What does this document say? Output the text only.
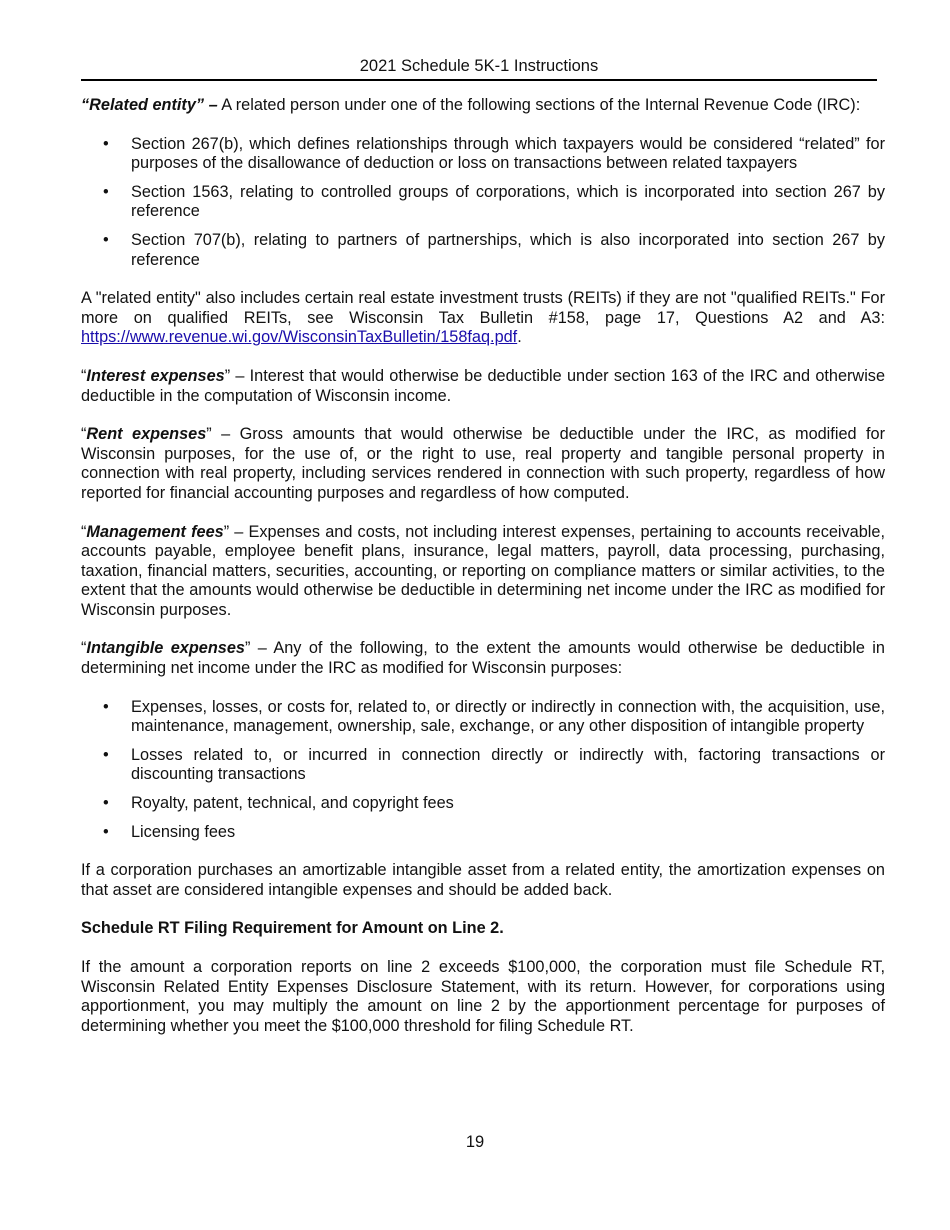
2021 Schedule 5K-1 Instructions

“Related entity” – A related person under one of the following sections of the Internal Revenue Code (IRC):

• Section 267(b), which defines relationships through which taxpayers would be considered “related” for purposes of the disallowance of deduction or loss on transactions between related taxpayers
• Section 1563, relating to controlled groups of corporations, which is incorporated into section 267 by reference
• Section 707(b), relating to partners of partnerships, which is also incorporated into section 267 by reference

A "related entity" also includes certain real estate investment trusts (REITs) if they are not "qualified REITs." For more on qualified REITs, see Wisconsin Tax Bulletin #158, page 17, Questions A2 and A3: https://www.revenue.wi.gov/WisconsinTaxBulletin/158faq.pdf.

“Interest expenses” – Interest that would otherwise be deductible under section 163 of the IRC and otherwise deductible in the computation of Wisconsin income.

“Rent expenses” – Gross amounts that would otherwise be deductible under the IRC, as modified for Wisconsin purposes, for the use of, or the right to use, real property and tangible personal property in connection with real property, including services rendered in connection with such property, regardless of how reported for financial accounting purposes and regardless of how computed.

“Management fees” – Expenses and costs, not including interest expenses, pertaining to accounts receivable, accounts payable, employee benefit plans, insurance, legal matters, payroll, data processing, purchasing, taxation, financial matters, securities, accounting, or reporting on compliance matters or similar activities, to the extent that the amounts would otherwise be deductible in determining net income under the IRC as modified for Wisconsin purposes.

“Intangible expenses” – Any of the following, to the extent the amounts would otherwise be deductible in determining net income under the IRC as modified for Wisconsin purposes:

• Expenses, losses, or costs for, related to, or directly or indirectly in connection with, the acquisition, use, maintenance, management, ownership, sale, exchange, or any other disposition of intangible property
• Losses related to, or incurred in connection directly or indirectly with, factoring transactions or discounting transactions
• Royalty, patent, technical, and copyright fees
• Licensing fees

If a corporation purchases an amortizable intangible asset from a related entity, the amortization expenses on that asset are considered intangible expenses and should be added back.

Schedule RT Filing Requirement for Amount on Line 2.

If the amount a corporation reports on line 2 exceeds $100,000, the corporation must file Schedule RT, Wisconsin Related Entity Expenses Disclosure Statement, with its return. However, for corporations using apportionment, you may multiply the amount on line 2 by the apportionment percentage for purposes of determining whether you meet the $100,000 threshold for filing Schedule RT.

19
